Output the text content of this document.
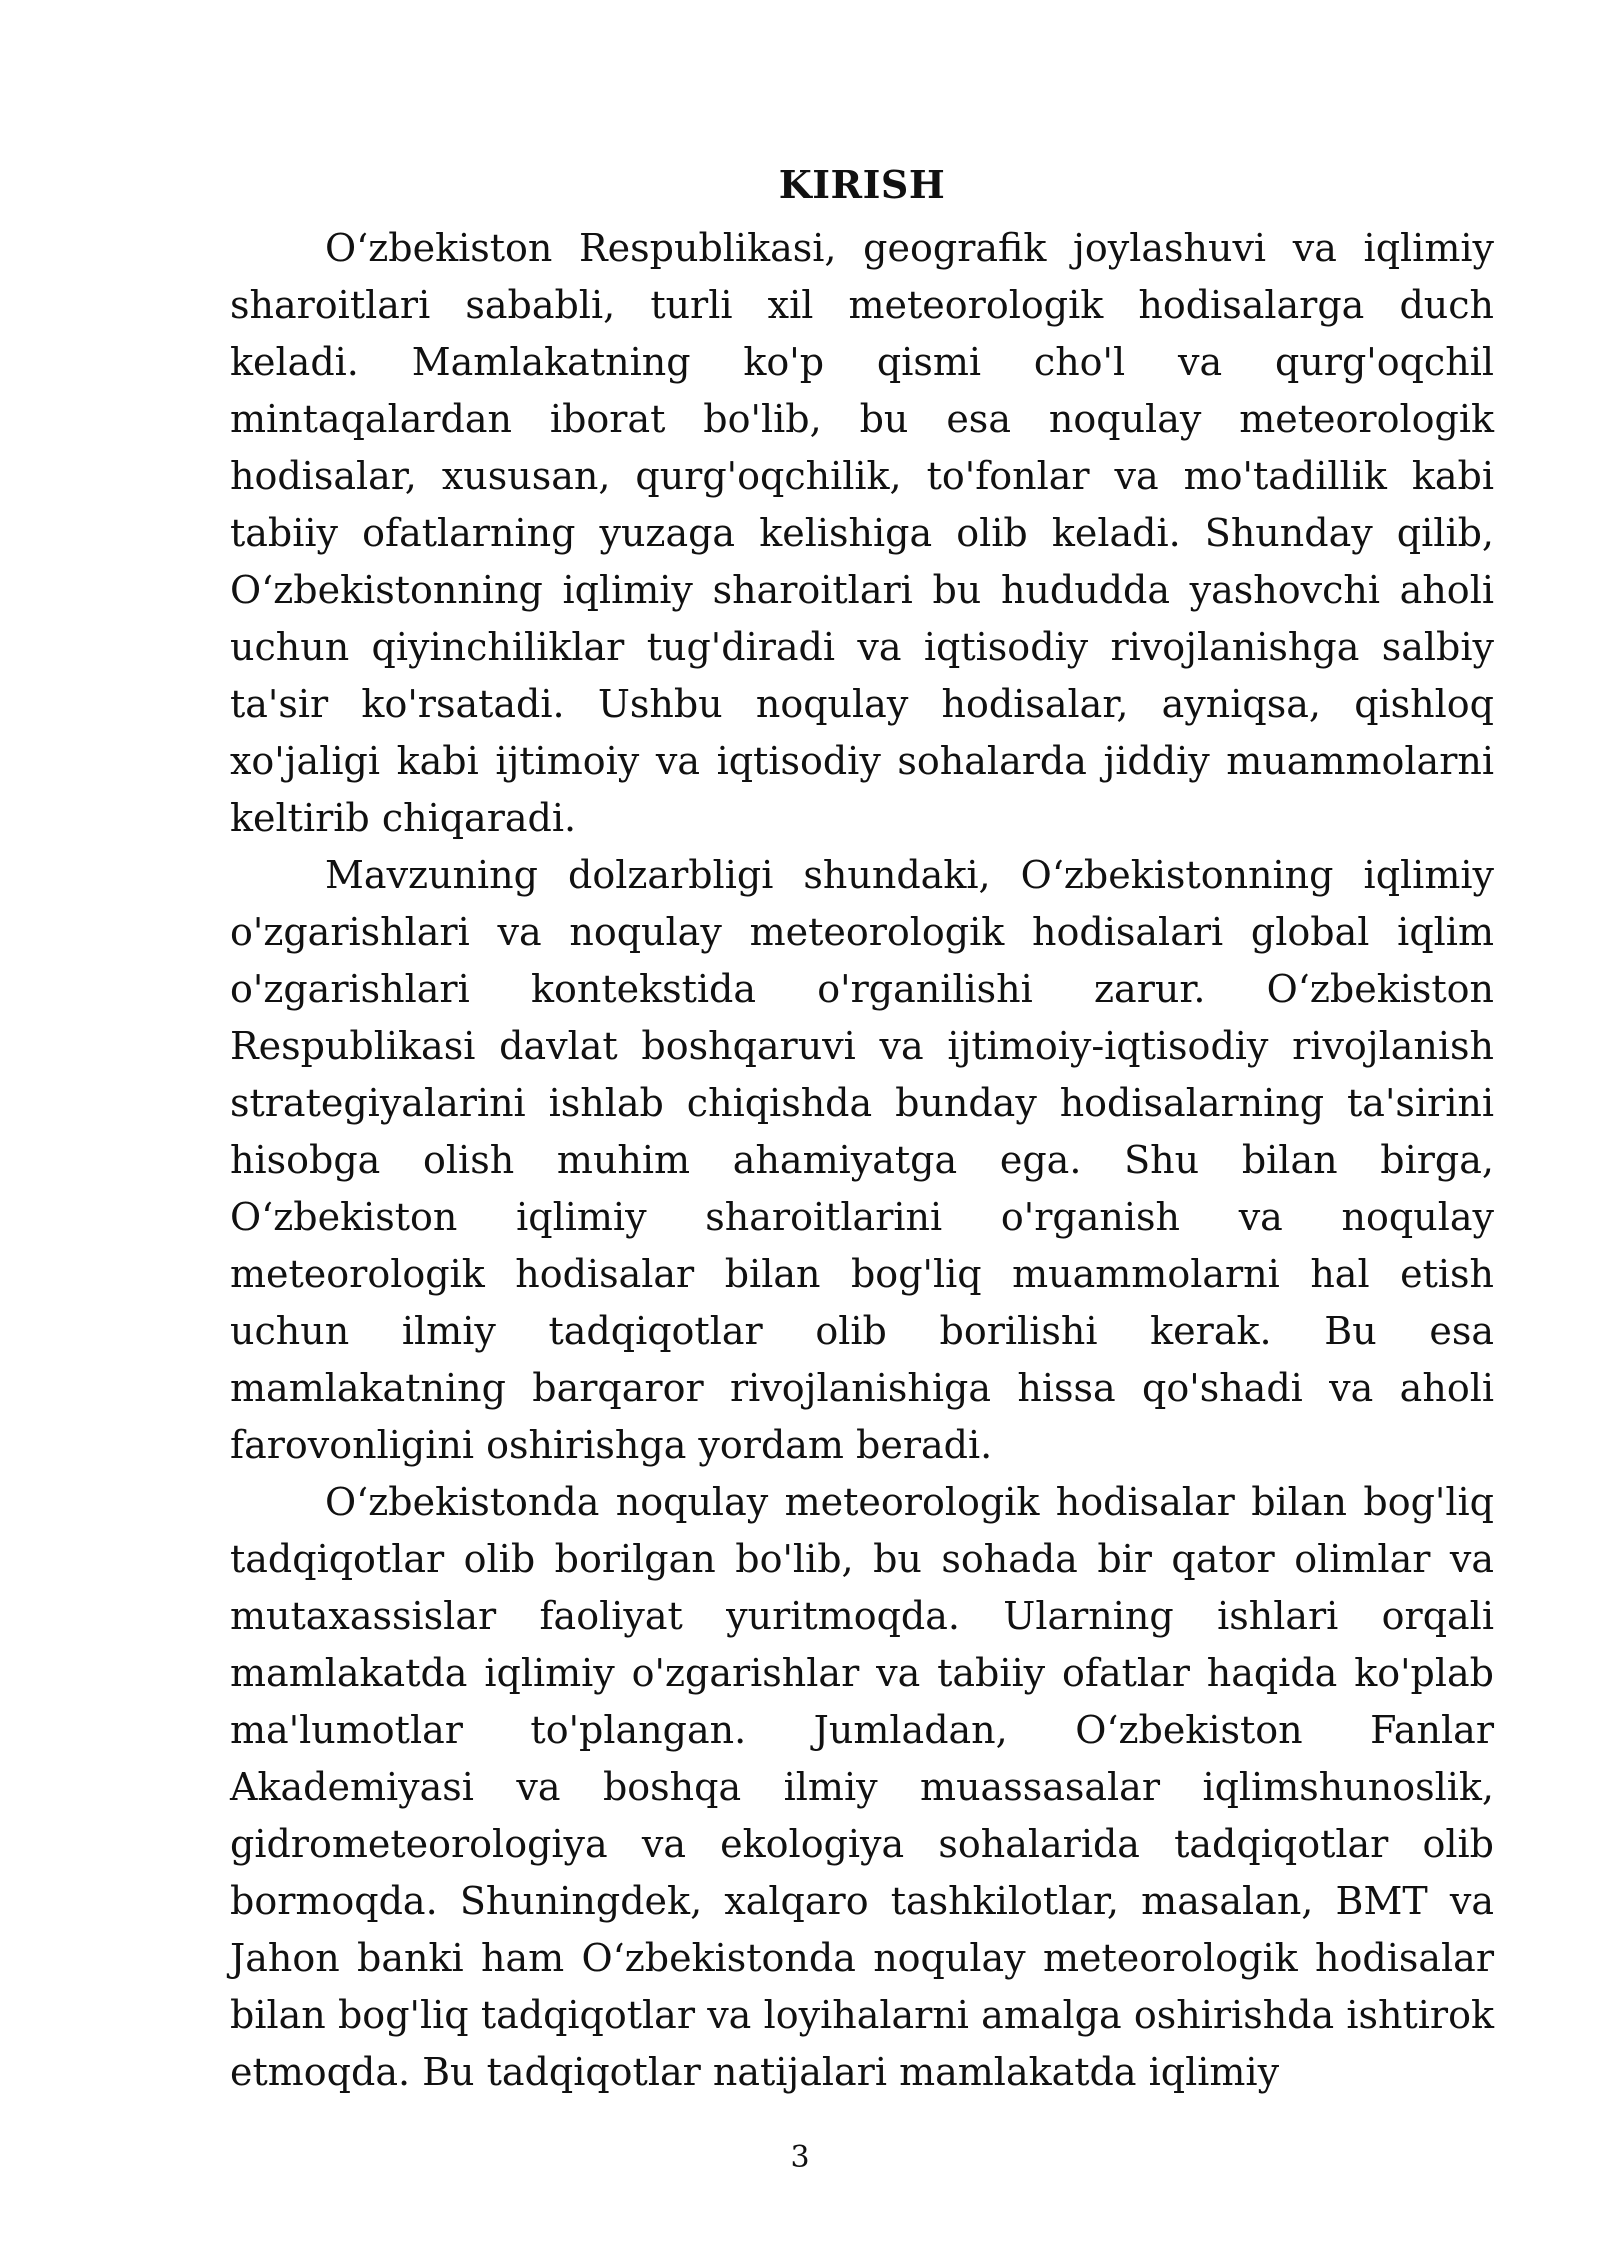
KIRISH

O‘zbekiston Respublikasi, geografik joylashuvi va iqlimiy sharoitlari sababli, turli xil meteorologik hodisalarga duch keladi. Mamlakatning ko'p qismi cho'l va qurg'oqchil mintaqalardan iborat bo'lib, bu esa noqulay meteorologik hodisalar, xususan, qurg'oqchilik, to'fonlar va mo'tadillik kabi tabiiy ofatlarning yuzaga kelishiga olib keladi. Shunday qilib, O‘zbekistonning iqlimiy sharoitlari bu hududda yashovchi aholi uchun qiyinchiliklar tug'diradi va iqtisodiy rivojlanishga salbiy ta'sir ko'rsatadi. Ushbu noqulay hodisalar, ayniqsa, qishloq xo'jaligi kabi ijtimoiy va iqtisodiy sohalarda jiddiy muammolarni keltirib chiqaradi.

Mavzuning dolzarbligi shundaki, O‘zbekistonning iqlimiy o'zgarishlari va noqulay meteorologik hodisalari global iqlim o'zgarishlari kontekstida o'rganilishi zarur. O‘zbekiston Respublikasi davlat boshqaruvi va ijtimoiy-iqtisodiy rivojlanish strategiyalarini ishlab chiqishda bunday hodisalarning ta'sirini hisobga olish muhim ahamiyatga ega. Shu bilan birga, O‘zbekiston iqlimiy sharoitlarini o'rganish va noqulay meteorologik hodisalar bilan bog'liq muammolarni hal etish uchun ilmiy tadqiqotlar olib borilishi kerak. Bu esa mamlakatning barqaror rivojlanishiga hissa qo'shadi va aholi farovonligini oshirishga yordam beradi.

O‘zbekistonda noqulay meteorologik hodisalar bilan bog'liq tadqiqotlar olib borilgan bo'lib, bu sohada bir qator olimlar va mutaxassislar faoliyat yuritmoqda. Ularning ishlari orqali mamlakatda iqlimiy o'zgarishlar va tabiiy ofatlar haqida ko'plab ma'lumotlar to'plangan. Jumladan, O‘zbekiston Fanlar Akademiyasi va boshqa ilmiy muassasalar iqlimshunoslik, gidrometeorologiya va ekologiya sohalarida tadqiqotlar olib bormoqda. Shuningdek, xalqaro tashkilotlar, masalan, BMT va Jahon banki ham O‘zbekistonda noqulay meteorologik hodisalar bilan bog'liq tadqiqotlar va loyihalarni amalga oshirishda ishtirok etmoqda. Bu tadqiqotlar natijalari mamlakatda iqlimiy

3
